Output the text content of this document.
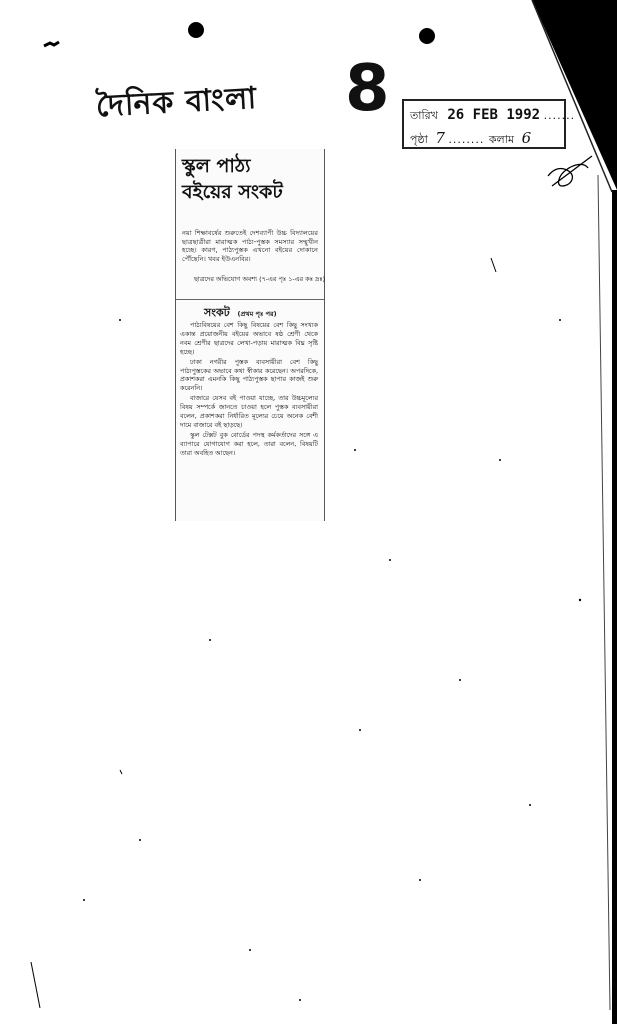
দৈনিক বাংলা 8 তারিখ 26 FEB 1992 .......
পৃষ্ঠা 7 ........ কলাম 6
স্কুল পাঠ্য বইয়ের সংকট
নয়া শিক্ষাবর্ষের শুরুতেই দেশব্যাপী উচ্চ বিদ্যালয়ের ছাত্রছাত্রীরা মারাত্মক পাঠ্য-পুস্তক সমস্যার সম্মুখীন হচ্ছে। কারণ, পাঠ্যপুস্তক এখনো বইয়ের দোকানে পৌঁছেনি। খবর ইউএনবির।
ছাত্রদের অভিযোগ অবশ্য (৭-এর পৃঃ ১-এর কঃ দ্রঃ)
সংকট (প্রথম পৃঃ পর)

পাঠ্যবিষয়ের বেশ কিছু বিষয়ের বেশ কিছু সংখ্যক একান্ত প্রয়োজনীয় বইয়ের অভাবে ষষ্ঠ শ্রেণী থেকে নবম শ্রেণীর ছাত্রদের লেখা-পড়ায় মারাত্মক বিঘ্ন সৃষ্টি হচ্ছে।

ঢাকা নগরীর পুস্তক ব্যবসায়ীরা বেশ কিছু পাঠ্যপুস্তকের অভাবে কথা স্বীকার করেছেন। অপরদিকে, প্রকাশকরা এমনকি কিছু পাঠ্যপুস্তক ছাপার কাজই শুরু করেননি।

বাজারে যেসব বই পাওয়া যাচ্ছে, তার উচ্চমূল্যের বিষয় সম্পর্কে জানতে চাওয়া হলে পুস্তক ব্যবসায়ীরা বলেন, প্রকাশকরা নির্ধারিত মূল্যের চেয়ে অনেক বেশী দামে বাজারে বই ছাড়ছে।

স্কুল টেক্সট বুক বোর্ডের পদস্থ কর্মকর্তাদের সঙ্গে এ ব্যাপারে যোগাযোগ করা হলে, তারা বলেন, বিষয়টি তারা অবহিত আছেন।
